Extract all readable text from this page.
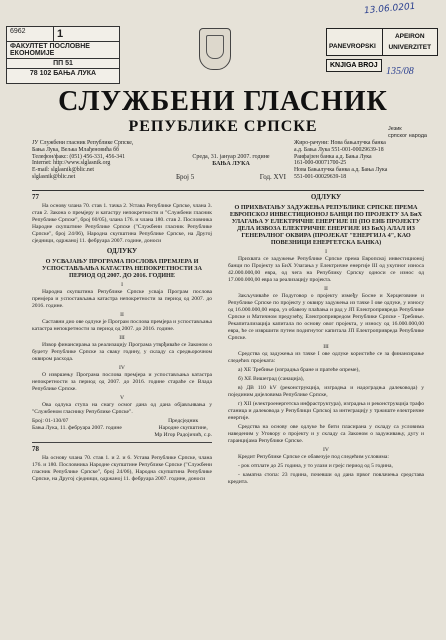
6962	1
ФАКУЛТЕТ ПОСЛОВНЕ ЕКОНОМИЈЕ
ПП 51
78 102 БАЊА ЛУКА
13.06.0201
PANEVROPSKI
APEIRON
UNIVERZITET
KNJIGA BROJ
135/08
СЛУЖБЕНИ ГЛАСНИК
РЕПУБЛИКЕ СРПСКЕ	Језик
српског народа
ЈУ Службени гласник Републике Српске,
Бања Лука, Вељка Млађеновића бб
Телефон/факс: (051) 456-331, 456-341
Internet: http://www.slglasnik.org
E-mail: slglasnik@blic.net
slglasnik@blic.net
Среда, 31. јануар 2007. године
БАЊА ЛУКА
Број 5	Год. XVI
Жиро-рачуни: Нова бањалучка банка
а.д. Бања Лука 551-001-00029639-18
Раифајзен банка а.д. Бања Лука
161-000-00071700-25
Нова Бањалучка банка а.д. Бања Лука
551-001-00029639-18
77

На основу члана 70. став 1. тачка 2. Устава Републике Српске, члана 3. став 2. Закона о премјеру и катастру непокретности и "Службени гласник Републике Српске", број 60/05), члана 176. и члана 180. став 2. Пословника Народне скупштине Републике Српске ("Службени гласник Републике Српске", број 24/06), Народна скупштина Републике Српске, на Другој сједници, одржаној 11. фебруара 2007. године, доноси

ОДЛУКУ
О УСВАЈАЊУ ПРОГРАМА ПОСЛОВА ПРЕМЈЕРА И УСПОСТАВЉАЊА КАТАСТРА НЕПОКРЕТНОСТИ ЗА ПЕРИОД ОД 2007. ДО 2016. ГОДИНЕ
I

Народна скупштина Републике Српске усваја Програм послова премјера и успостављања катастра непокретности за период од 2007. до 2016. године.

II

Саставни дио ове одлуке је Програм послова премјера и успостављања катастра непокретности за период од 2007. до 2016. године.

III

Извор финансирања за реализацију Програма утврђиваће се Законом о буџету Републике Српске за сваку годину, у складу са средњорочном оквиром расхода.

IV

О извршењу Програма послова премјера и успостављања катастра непокретности за период од 2007. до 2016. године стараће се Влада Републике Српске.

V

Ова одлука ступа на снагу осмог дана од дана објављивања у "Службеном гласнику Републике Српске".

Број: 01-130/07
Бања Лука, 11. фебруара 2007. године
Предсједник
Народне скупштине,
Мр Игор Радојичић, с.р.
78

На основу члана 70. став 1. и 2. и 6. Устава Републике Српске, члана 176. и 180. Пословника Народне скупштине Републике Српске ("Службени гласник Републике Српске", број 24/06), Народна скупштина Републике Српске, на Другој сједници, одржаној 11. фебруара 2007. године, доноси

ОДЛУКУ
О ПРИХВАТАЊУ ЗАДУЖЕЊА РЕПУБЛИКЕ СРПСКЕ ПРЕМА ЕВРОПСКОЈ ИНВЕСТИЦИОНОЈ БАНЦИ ПО ПРОЈЕКТУ ЗА БиХ УЛАГАЊА У ЕЛЕКТРИЧНЕ ЕНЕРГИЈЕ III (ПО ЕИБ ПРОЈЕКТУ ДЕЛА ИЗВОЗА ЕЛЕКТРИЧНЕ ЕНЕРГИЈЕ ИЗ БиХ) АЛАЛ ИЗ ГЕНЕРАЛНОГ ОКВИРА (ПРОЈЕКАТ "ЕНЕРГИЈА 4", КАО ПОВЕЗНИЦИ ЕНЕРГЕТСКА БАНКА)
I

Прихвата се задужење Републике Српске према Европској инвестиционој банци по Пројекту за БиХ Улагања у Електричне енергије III од укупног износа 42.000.000,00 евра, од чега на Републику Српску односи се износ од 17.000.000,00 евра за реализацију пројекта.

II

Закључиваће се Подуговор о пројекту између Босне и Херцеговине и Републике Српске по пројекту у оквиру задужења из тачке I ове одлуке, у износу од 16.000.000,00 евра, уз обавезу плаћања и рад у ЈП Електропривреда Републике Српске и Матичном предузећу, Електропривредом Републике Српске - Требиње. Рекапитализација капитала по основу овог пројекта, у износу од 16.000.000,00 евра, ће се извршити путем подигнутог капитала ЈП Електропривреда Републике Српске.

III

Средства од задужења из тачке I ове одлуке користиће се за финансирање следећих пројеката:

а) ХЕ Требиње (изградња бране и пратеће опреме),

б) ХЕ Вишеград (санација),

в) ДВ 110 kV (реконструкција, изградња и надоградња далековода) у појединим дијеловима Републике Српске,

г) XII (електроенергетска инфраструктура), изградња и реконструкција трафо станица и далековода у Републици Српској за интеграцију у тржиште електричне енергије.

Средства на основу ове одлуке ће бити пласирана у складу са условима наведеним у Уговору о пројекту и у складу са Законом о задуживању, дугу и гаранцијама Републике Српске.

IV

Кредит Републике Српске се обавезује под следећим условима:

- рок отплате до 25 година, у то улази и грејс период од 5 година,

- каматна стопа: 23 година, почевши од дана првог повлачења средстава кредита.
